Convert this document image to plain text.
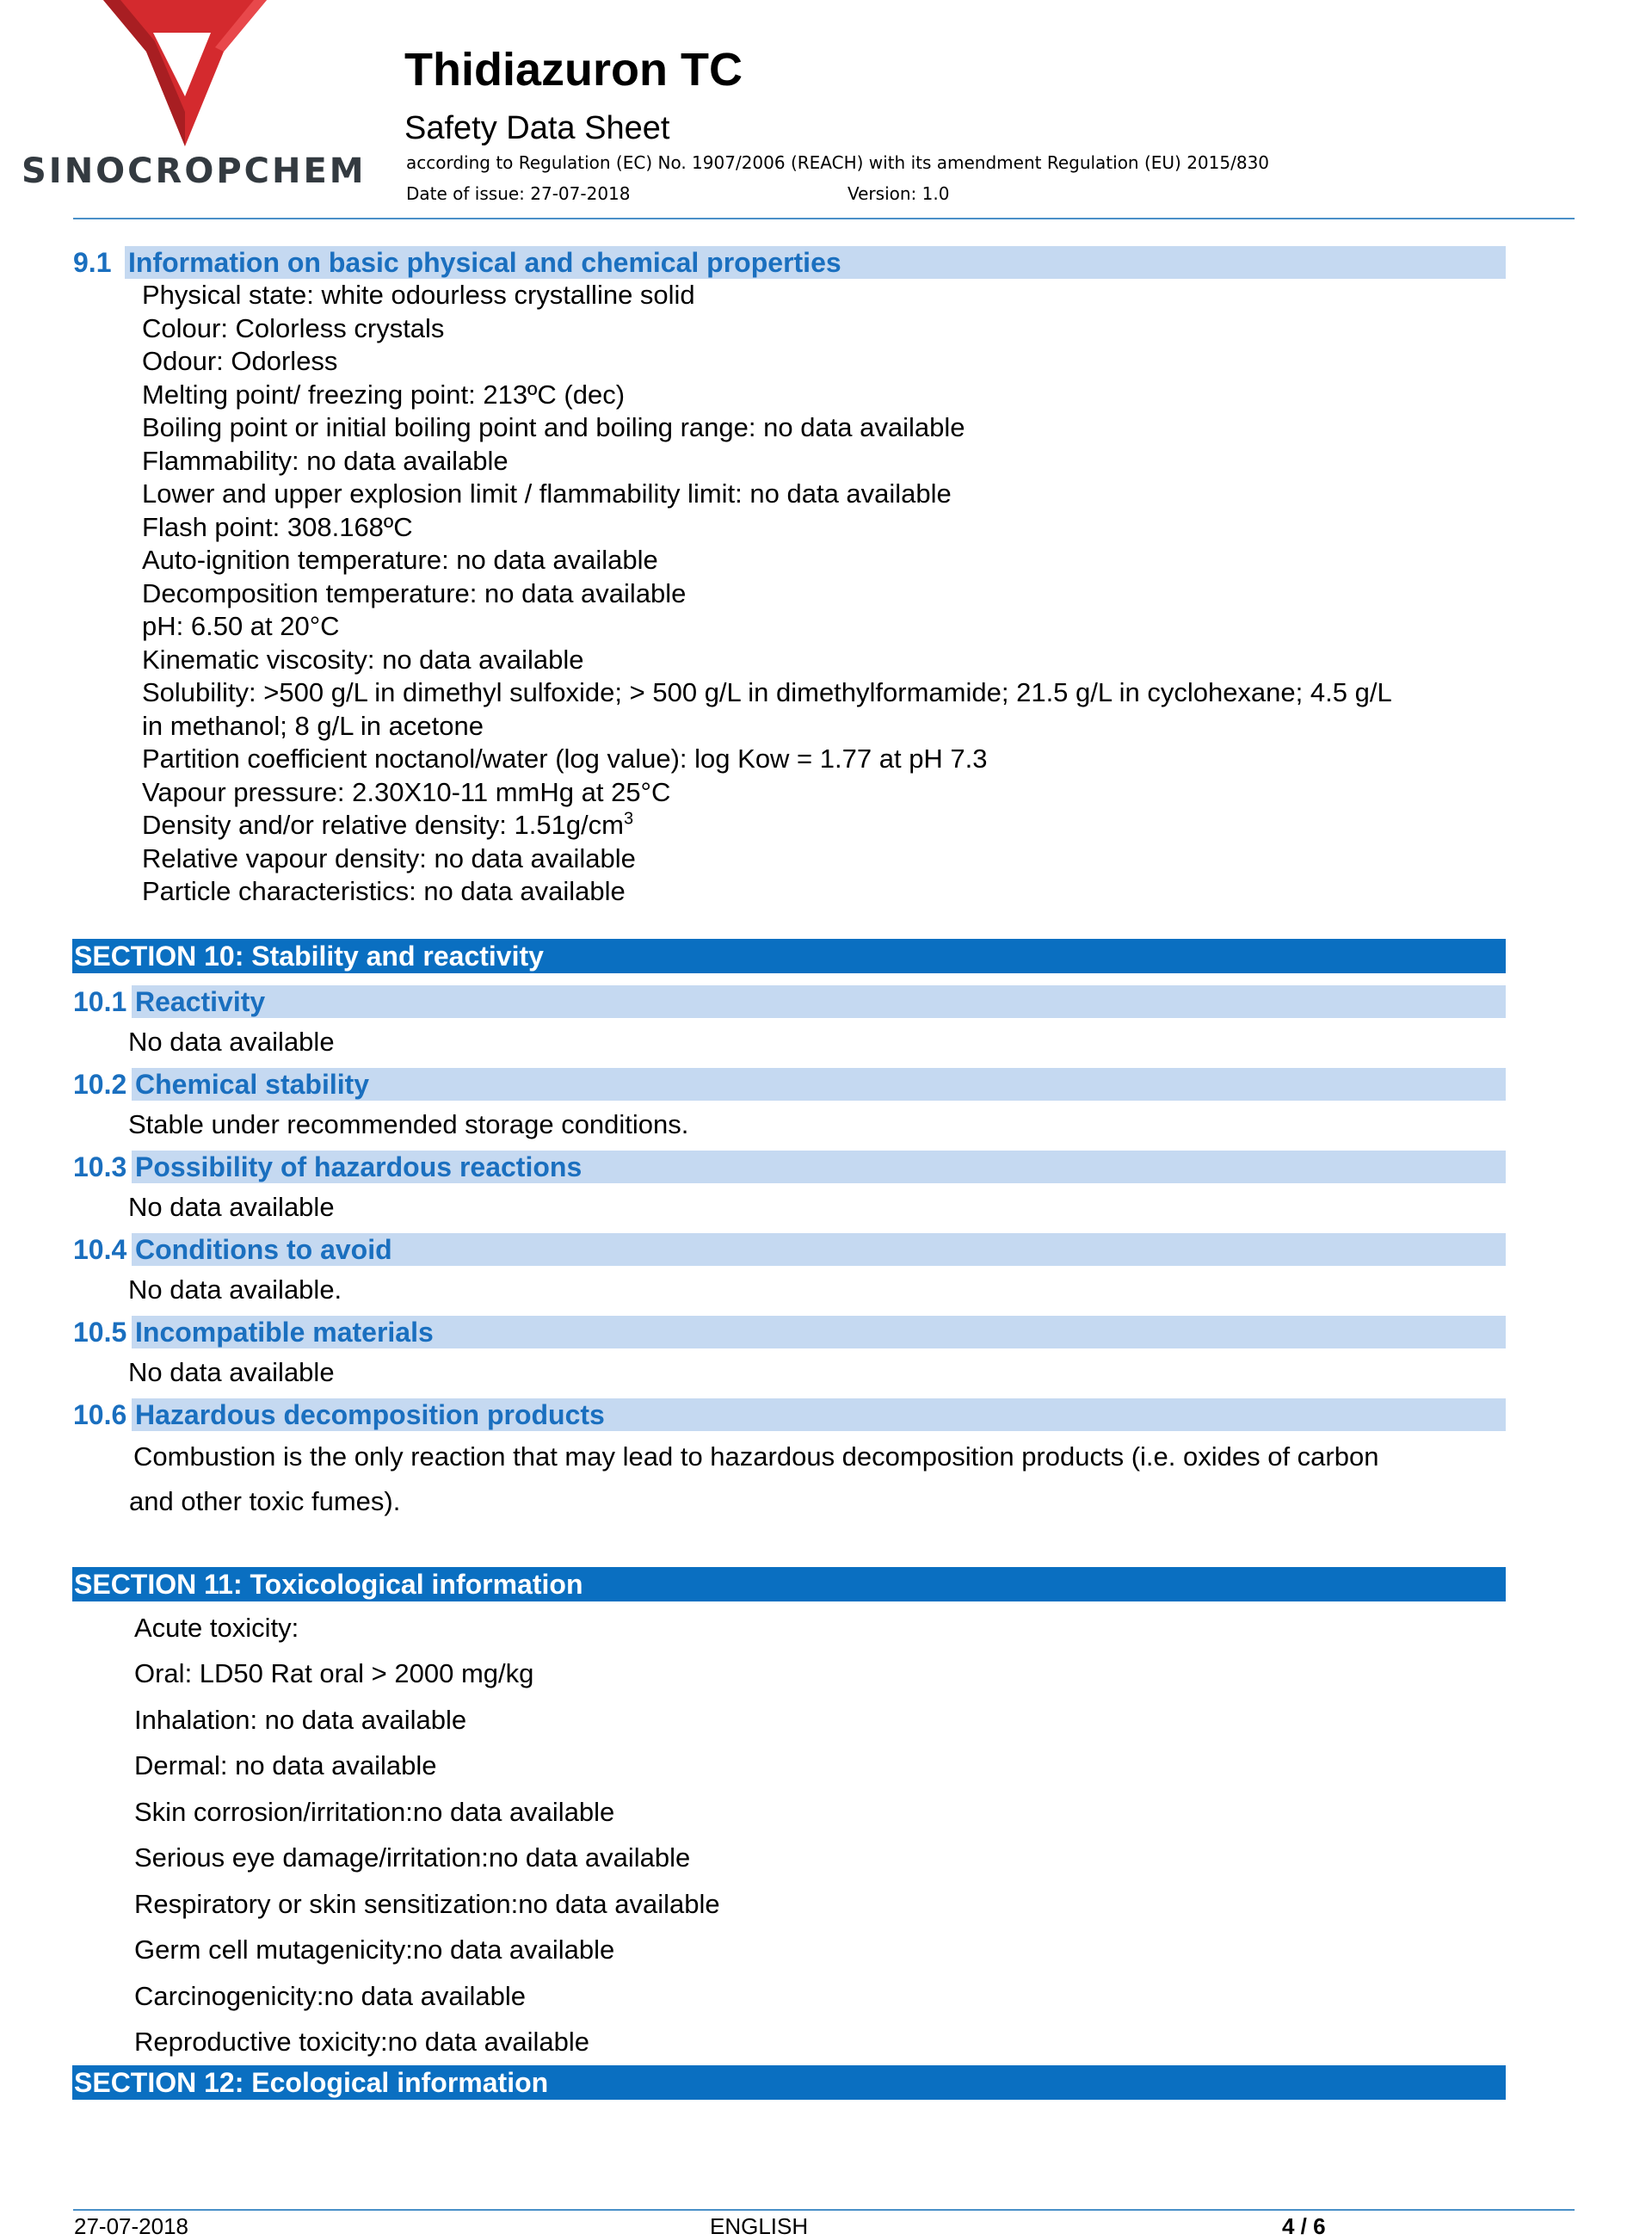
SINOCROPCHEM
Thidiazuron TC
Safety Data Sheet
according to Regulation (EC) No. 1907/2006 (REACH) with its amendment Regulation (EU) 2015/830
Date of issue: 27-07-2018	Version: 1.0
9.1 Information on basic physical and chemical properties
Physical state: white odourless crystalline solid
Colour: Colorless crystals
Odour: Odorless
Melting point/ freezing point: 213ºC (dec)
Boiling point or initial boiling point and boiling range: no data available
Flammability: no data available
Lower and upper explosion limit / flammability limit: no data available
Flash point: 308.168ºC
Auto-ignition temperature: no data available
Decomposition temperature: no data available
pH: 6.50 at 20°C
Kinematic viscosity: no data available
Solubility: >500 g/L in dimethyl sulfoxide; > 500 g/L in dimethylformamide; 21.5 g/L in cyclohexane; 4.5 g/L
in methanol; 8 g/L in acetone
Partition coefficient noctanol/water (log value): log Kow = 1.77 at pH 7.3
Vapour pressure: 2.30X10-11 mmHg at 25°C
Density and/or relative density: $1.51g/cm^3$
Relative vapour density: no data available
Particle characteristics: no data available
SECTION 10: Stability and reactivity
10.1 Reactivity
No data available
10.2 Chemical stability
Stable under recommended storage conditions.
10.3 Possibility of hazardous reactions
No data available
10.4 Conditions to avoid
No data available.
10.5 Incompatible materials
No data available
10.6 Hazardous decomposition products
Combustion is the only reaction that may lead to hazardous decomposition products (i.e. oxides of carbon
and other toxic fumes).
SECTION 11: Toxicological information
Acute toxicity:
Oral: LD50 Rat oral > 2000 mg/kg
Inhalation: no data available
Dermal: no data available
Skin corrosion/irritation:no data available
Serious eye damage/irritation:no data available
Respiratory or skin sensitization:no data available
Germ cell mutagenicity:no data available
Carcinogenicity:no data available
Reproductive toxicity:no data available
SECTION 12: Ecological information
27-07-2018	ENGLISH	4 / 6
